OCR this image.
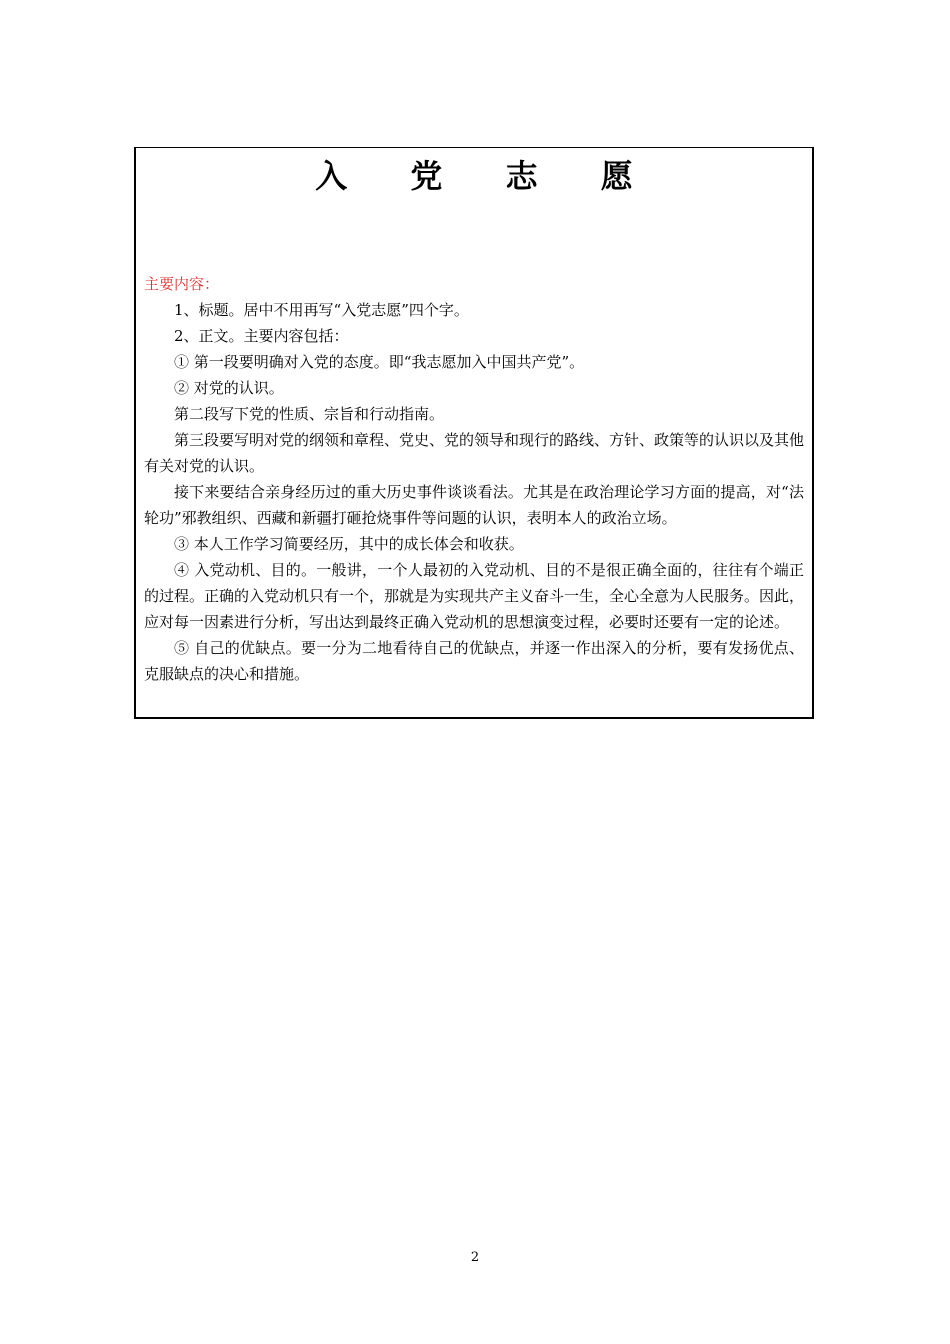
入 党 志 愿

主要内容：

1、标题。居中不用再写“入党志愿”四个字。

2、正文。主要内容包括：

① 第一段要明确对入党的态度。即“我志愿加入中国共产党”。

② 对党的认识。

第二段写下党的性质、宗旨和行动指南。

第三段要写明对党的纲领和章程、党史、党的领导和现行的路线、方针、政策等的认识以及其他有关对党的认识。

接下来要结合亲身经历过的重大历史事件谈谈看法。尤其是在政治理论学习方面的提高，对“法轮功”邪教组织、西藏和新疆打砸抢烧事件等问题的认识，表明本人的政治立场。

③ 本人工作学习简要经历，其中的成长体会和收获。

④ 入党动机、目的。一般讲，一个人最初的入党动机、目的不是很正确全面的，往往有个端正的过程。正确的入党动机只有一个，那就是为实现共产主义奋斗一生，全心全意为人民服务。因此，应对每一因素进行分析，写出达到最终正确入党动机的思想演变过程，必要时还要有一定的论述。

⑤ 自己的优缺点。要一分为二地看待自己的优缺点，并逐一作出深入的分析，要有发扬优点、克服缺点的决心和措施。

2
